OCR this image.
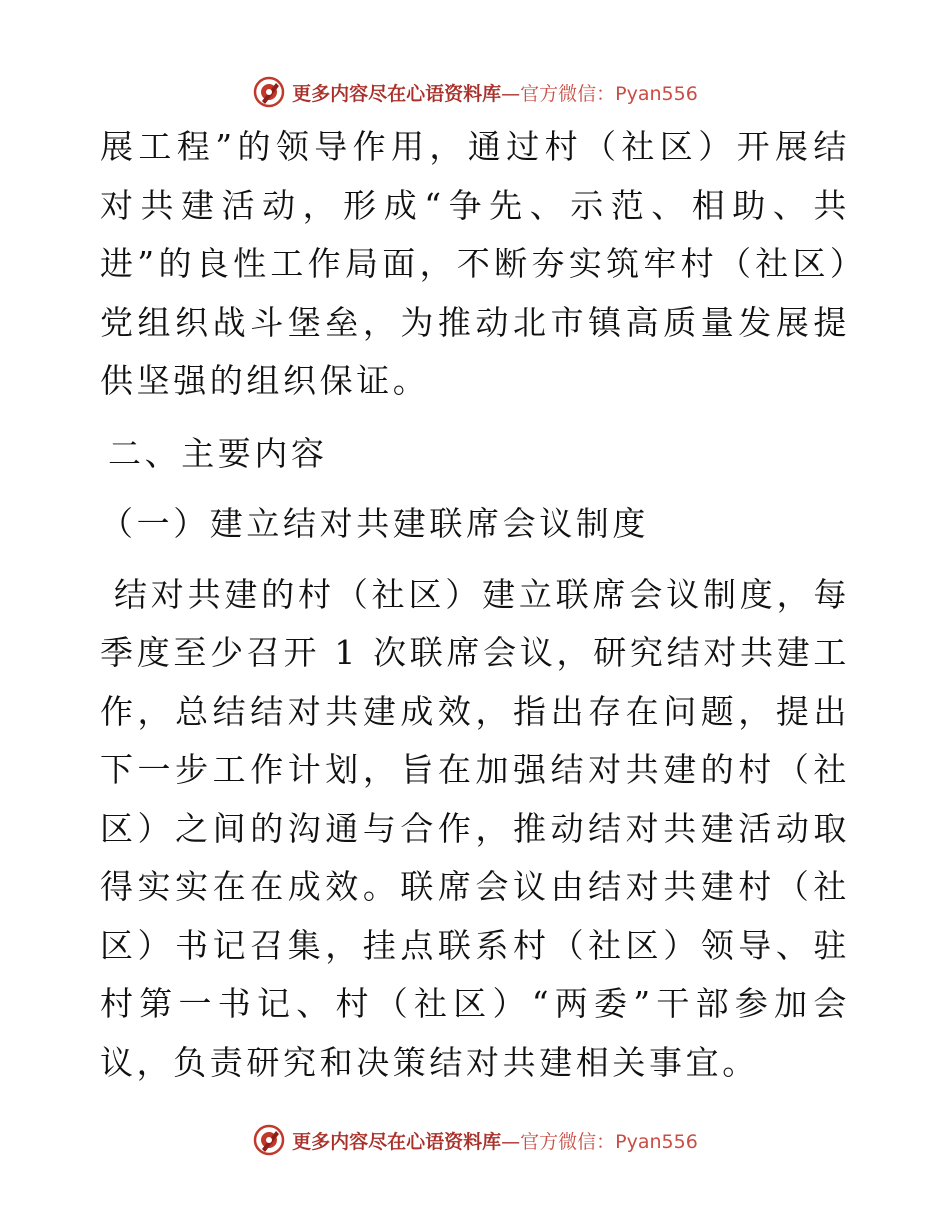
更多内容尽在心语资料库—官方微信：Pyan556

展工程”的领导作用，通过村（社区）开展结对共建活动，形成“争先、示范、相助、共进”的良性工作局面，不断夯实筑牢村（社区）党组织战斗堡垒，为推动北市镇高质量发展提供坚强的组织保证。

二、主要内容

（一）建立结对共建联席会议制度

结对共建的村（社区）建立联席会议制度，每季度至少召开 1 次联席会议，研究结对共建工作，总结结对共建成效，指出存在问题，提出下一步工作计划，旨在加强结对共建的村（社区）之间的沟通与合作，推动结对共建活动取得实实在在成效。联席会议由结对共建村（社区）书记召集，挂点联系村（社区）领导、驻村第一书记、村（社区）“两委”干部参加会议，负责研究和决策结对共建相关事宜。

更多内容尽在心语资料库—官方微信：Pyan556
